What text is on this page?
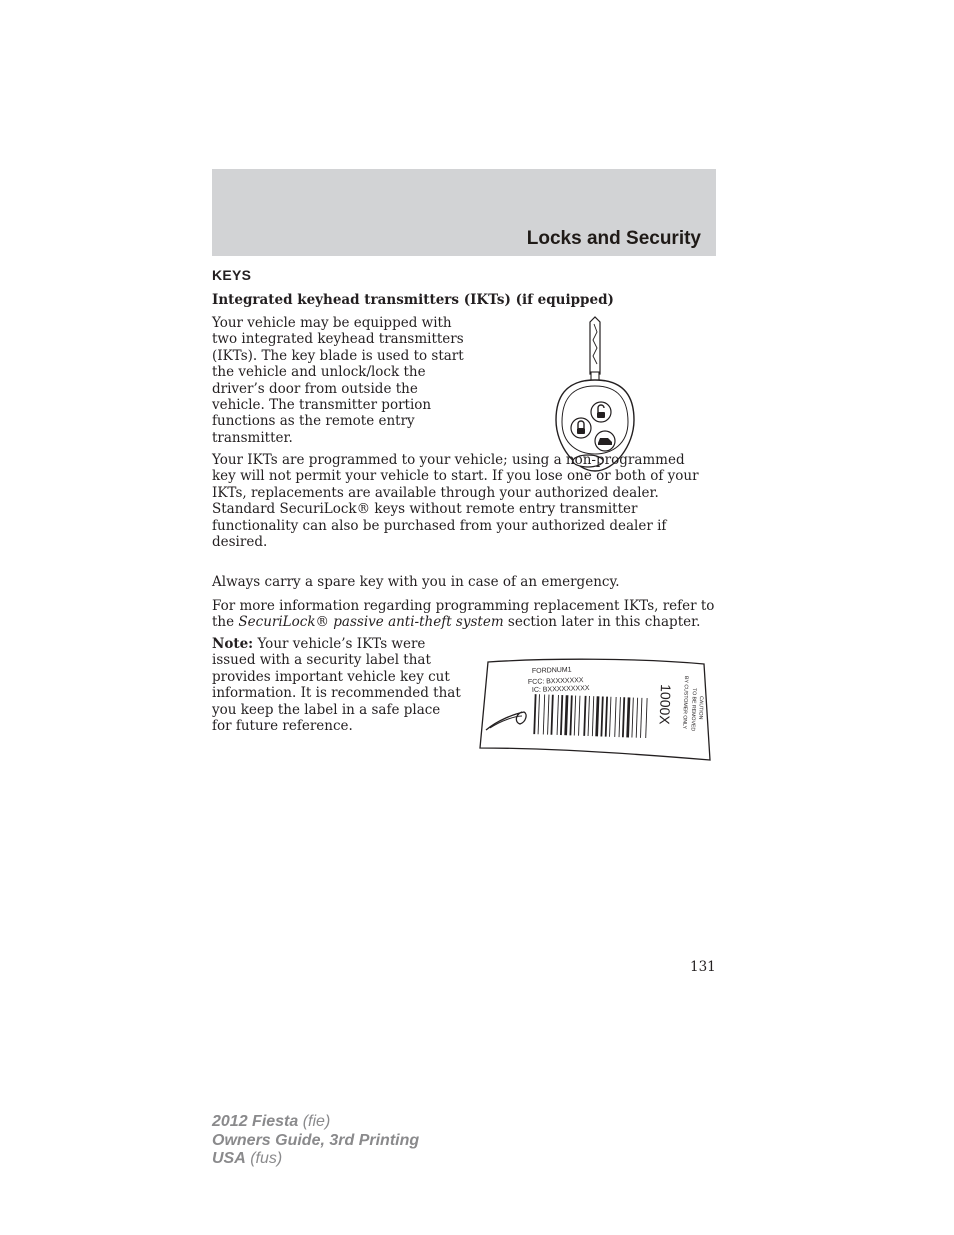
Locks and Security
KEYS
Integrated keyhead transmitters (IKTs) (if equipped)

Your vehicle may be equipped with two integrated keyhead transmitters (IKTs). The key blade is used to start the vehicle and unlock/lock the driver’s door from outside the vehicle. The transmitter portion functions as the remote entry transmitter.

Your IKTs are programmed to your vehicle; using a non-programmed key will not permit your vehicle to start. If you lose one or both of your IKTs, replacements are available through your authorized dealer. Standard SecuriLock® keys without remote entry transmitter functionality can also be purchased from your authorized dealer if desired.

Always carry a spare key with you in case of an emergency.

For more information regarding programming replacement IKTs, refer to the SecuriLock® passive anti-theft system section later in this chapter.

Note: Your vehicle’s IKTs were issued with a security label that provides important vehicle key cut information. It is recommended that you keep the label in a safe place for future reference.

FORDNUM1
FCC: BXXXXXXX
IC: BXXXXXXXXX	1000X	CAUTION
TO BE REMOVED
BY CUSTOMER ONLY
131
2012 Fiesta (fie)
Owners Guide, 3rd Printing
USA (fus)
